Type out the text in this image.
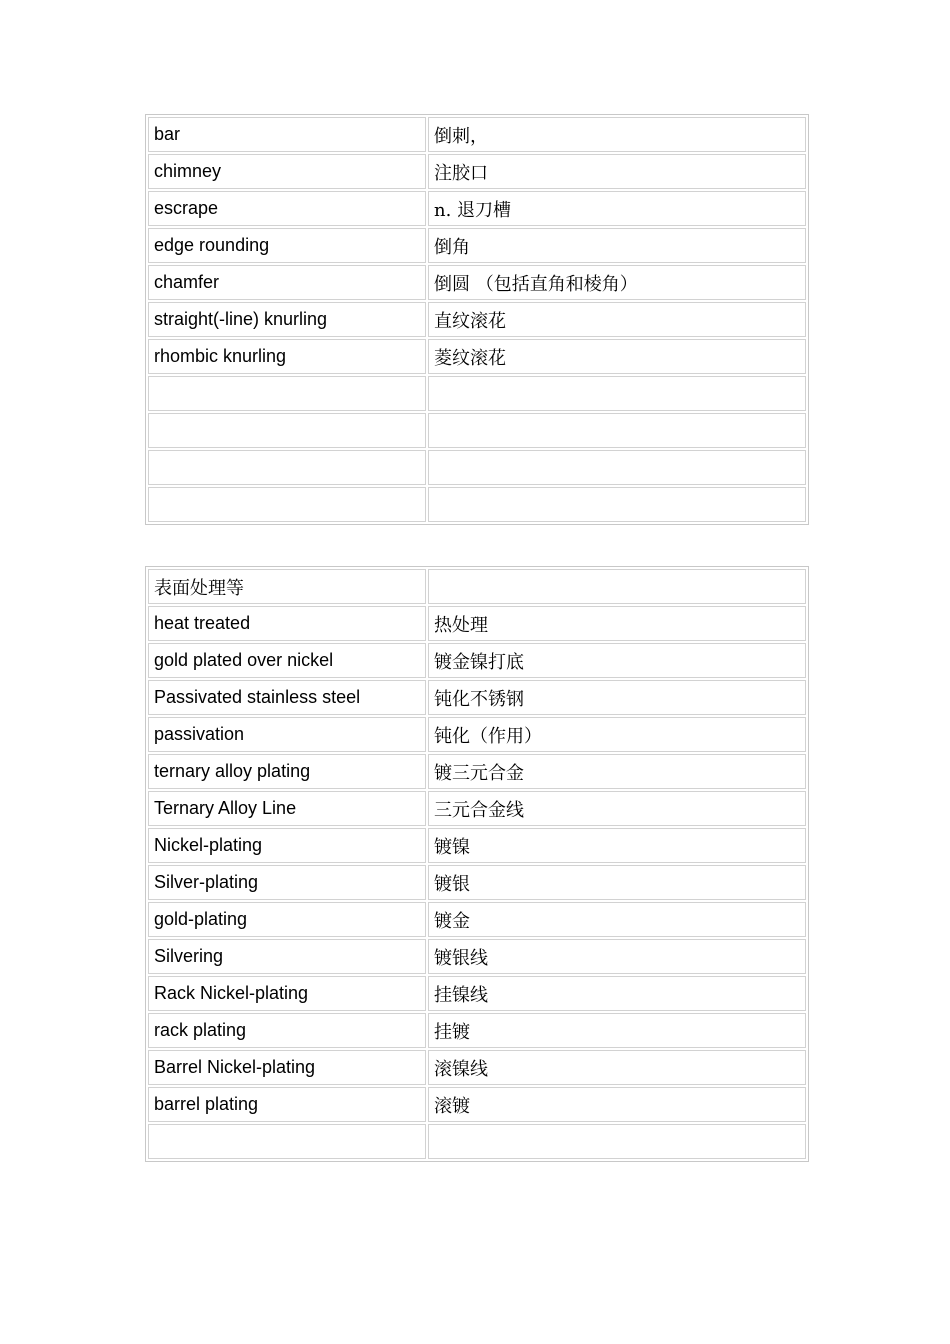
bar	倒刺，
chimney	注胶口
escrape	n. 退刀槽
edge rounding	倒角
chamfer	倒圆 （包括直角和棱角）
straight(-line) knurling	直纹滚花
rhombic knurling	菱纹滚花
表面处理等
heat treated	热处理
gold plated over nickel	镀金镍打底
Passivated stainless steel	钝化不锈钢
passivation	钝化（作用）
ternary alloy plating	镀三元合金
Ternary Alloy Line	三元合金线
Nickel-plating	镀镍
Silver-plating	镀银
gold-plating	镀金
Silvering	镀银线
Rack Nickel-plating	挂镍线
rack plating	挂镀
Barrel Nickel-plating	滚镍线
barrel plating	滚镀
